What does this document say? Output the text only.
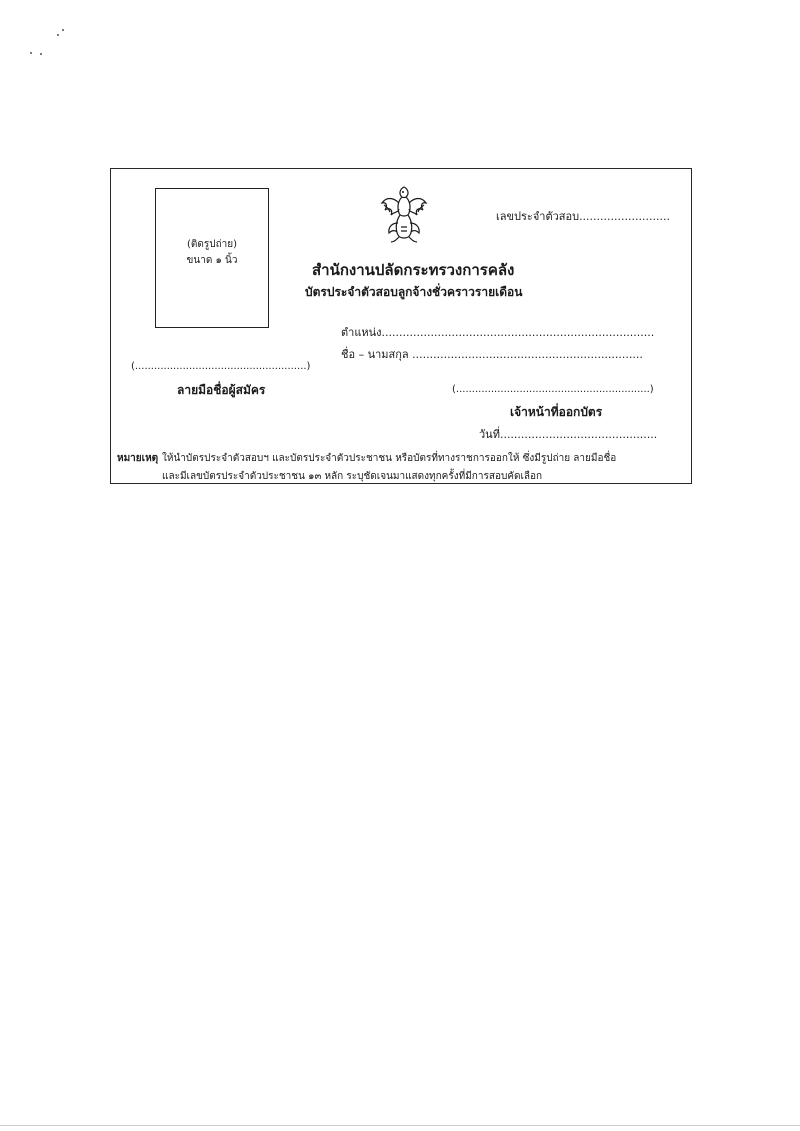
(ติดรูปถ่าย)
ขนาด ๑ นิ้ว
เลขประจำตัวสอบ..........................
สำนักงานปลัดกระทรวงการคลัง
บัตรประจำตัวสอบลูกจ้างชั่วคราวรายเดือน
ตำแหน่ง..............................................................................
ชื่อ – นามสกุล ..................................................................
(......................................................)
ลายมือชื่อผู้สมัคร	(.............................................................)
เจ้าหน้าที่ออกบัตร
วันที่.............................................
หมายเหตุ ให้นำบัตรประจำตัวสอบฯ และบัตรประจำตัวประชาชน หรือบัตรที่ทางราชการออกให้ ซึ่งมีรูปถ่าย ลายมือชื่อ
และมีเลขบัตรประจำตัวประชาชน ๑๓ หลัก ระบุชัดเจนมาแสดงทุกครั้งที่มีการสอบคัดเลือก
